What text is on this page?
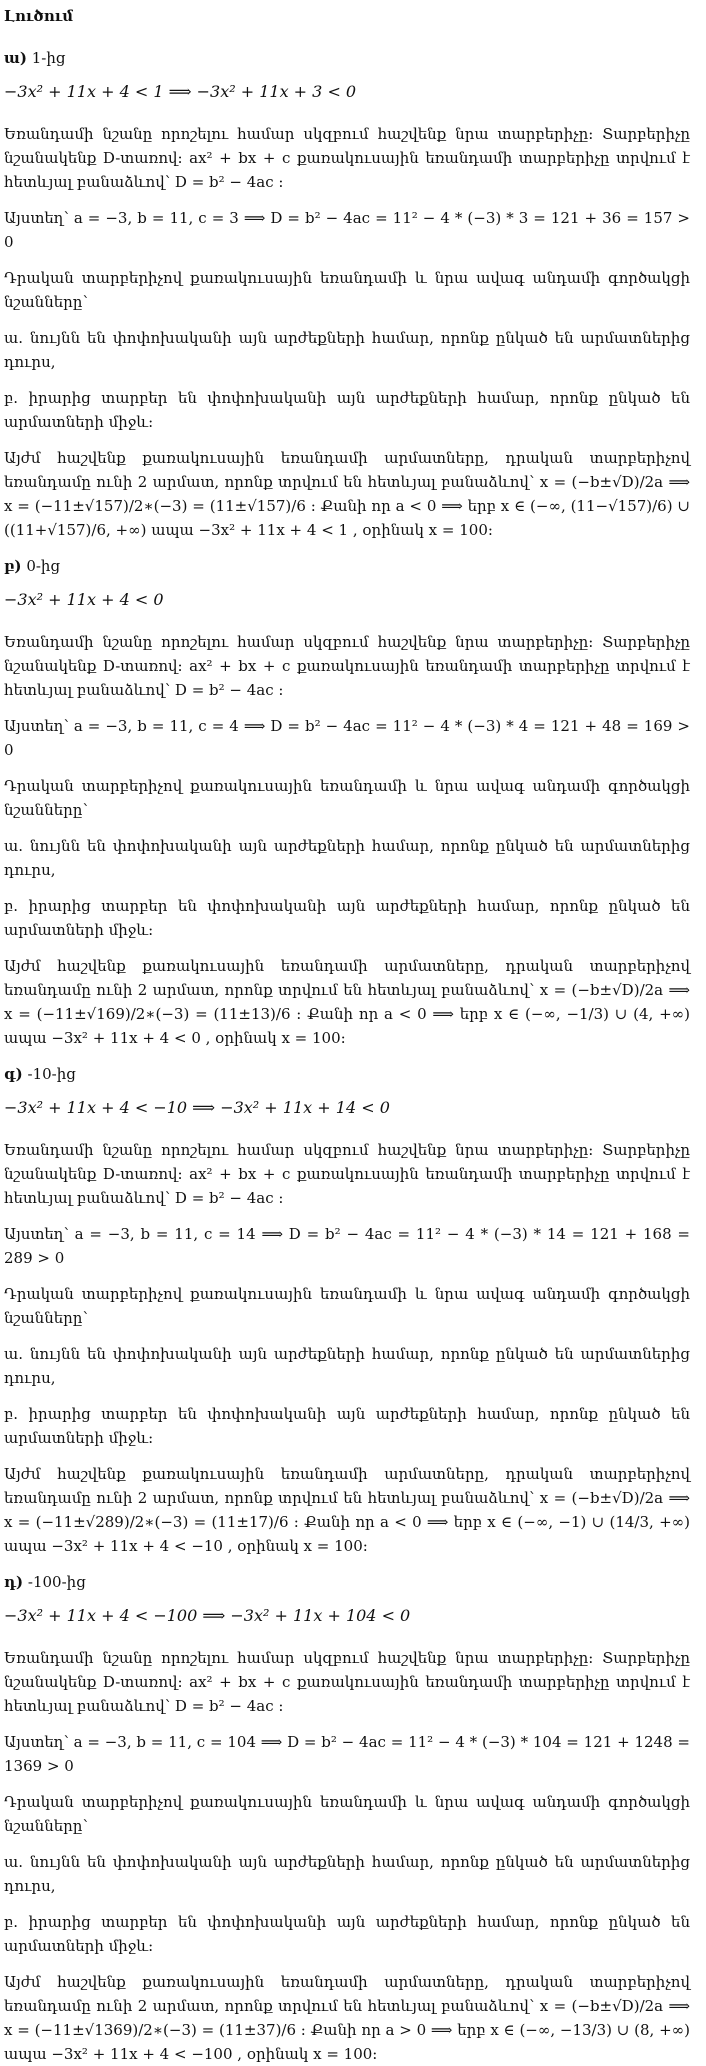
Լուծում
ա) 1-ից
−3x² + 11x + 4 < 1 ⟹ −3x² + 11x + 3 < 0
Եռանդամի նշանը որոշելու համար սկզբում հաշվենք նրա տարբերիչը: Տարբերիչը նշանակենք D-տառով: ax² + bx + c քառակուսային եռանդամի տարբերիչը տրվում է հետևյալ բանաձևով՝ D = b² − 4ac :
Այստեղ՝ a = −3, b = 11, c = 3 ⟹ D = b² − 4ac = 11² − 4 * (−3) * 3 = 121 + 36 = 157 > 0
Դրական տարբերիչով քառակուսային եռանդամի և նրա ավագ անդամի գործակցի նշանները՝
ա. նույնն են փոփոխականի այն արժեքների համար, որոնք ընկած են արմատներից դուրս,
բ. իրարից տարբեր են փոփոխականի այն արժեքների համար, որոնք ընկած են արմատների միջև:
Այժմ հաշվենք քառակուսային եռանդամի արմատները, դրական տարբերիչով եռանդամը ունի 2 արմատ, որոնք տրվում են հետևյալ բանաձևով՝ x = (−b±√D)/2a ⟹ x = (−11±√157)/2∗(−3) = (11±√157)/6 : Քանի որ a < 0 ⟹ երբ x ∈ (−∞, (11−√157)/6) ∪ ((11+√157)/6, +∞) ապա −3x² + 11x + 4 < 1 , օրինակ x = 100:
բ) 0-ից
−3x² + 11x + 4 < 0
Եռանդամի նշանը որոշելու համար սկզբում հաշվենք նրա տարբերիչը: Տարբերիչը նշանակենք D-տառով: ax² + bx + c քառակուսային եռանդամի տարբերիչը տրվում է հետևյալ բանաձևով՝ D = b² − 4ac :
Այստեղ՝ a = −3, b = 11, c = 4 ⟹ D = b² − 4ac = 11² − 4 * (−3) * 4 = 121 + 48 = 169 > 0
Դրական տարբերիչով քառակուսային եռանդամի և նրա ավագ անդամի գործակցի նշանները՝
ա. նույնն են փոփոխականի այն արժեքների համար, որոնք ընկած են արմատներից դուրս,
բ. իրարից տարբեր են փոփոխականի այն արժեքների համար, որոնք ընկած են արմատների միջև:
Այժմ հաշվենք քառակուսային եռանդամի արմատները, դրական տարբերիչով եռանդամը ունի 2 արմատ, որոնք տրվում են հետևյալ բանաձևով՝ x = (−b±√D)/2a ⟹ x = (−11±√169)/2∗(−3) = (11±13)/6 : Քանի որ a < 0 ⟹ երբ x ∈ (−∞, −1/3) ∪ (4, +∞) ապա −3x² + 11x + 4 < 0 , օրինակ x = 100:
գ) -10-ից
−3x² + 11x + 4 < −10 ⟹ −3x² + 11x + 14 < 0
Եռանդամի նշանը որոշելու համար սկզբում հաշվենք նրա տարբերիչը: Տարբերիչը նշանակենք D-տառով: ax² + bx + c քառակուսային եռանդամի տարբերիչը տրվում է հետևյալ բանաձևով՝ D = b² − 4ac :
Այստեղ՝ a = −3, b = 11, c = 14 ⟹ D = b² − 4ac = 11² − 4 * (−3) * 14 = 121 + 168 = 289 > 0
Դրական տարբերիչով քառակուսային եռանդամի և նրա ավագ անդամի գործակցի նշանները՝
ա. նույնն են փոփոխականի այն արժեքների համար, որոնք ընկած են արմատներից դուրս,
բ. իրարից տարբեր են փոփոխականի այն արժեքների համար, որոնք ընկած են արմատների միջև:
Այժմ հաշվենք քառակուսային եռանդամի արմատները, դրական տարբերիչով եռանդամը ունի 2 արմատ, որոնք տրվում են հետևյալ բանաձևով՝ x = (−b±√D)/2a ⟹ x = (−11±√289)/2∗(−3) = (11±17)/6 : Քանի որ a < 0 ⟹ երբ x ∈ (−∞, −1) ∪ (14/3, +∞) ապա −3x² + 11x + 4 < −10 , օրինակ x = 100:
դ) -100-ից
−3x² + 11x + 4 < −100 ⟹ −3x² + 11x + 104 < 0
Եռանդամի նշանը որոշելու համար սկզբում հաշվենք նրա տարբերիչը: Տարբերիչը նշանակենք D-տառով: ax² + bx + c քառակուսային եռանդամի տարբերիչը տրվում է հետևյալ բանաձևով՝ D = b² − 4ac :
Այստեղ՝ a = −3, b = 11, c = 104 ⟹ D = b² − 4ac = 11² − 4 * (−3) * 104 = 121 + 1248 = 1369 > 0
Դրական տարբերիչով քառակուսային եռանդամի և նրա ավագ անդամի գործակցի նշանները՝
ա. նույնն են փոփոխականի այն արժեքների համար, որոնք ընկած են արմատներից դուրս,
բ. իրարից տարբեր են փոփոխականի այն արժեքների համար, որոնք ընկած են արմատների միջև:
Այժմ հաշվենք քառակուսային եռանդամի արմատները, դրական տարբերիչով եռանդամը ունի 2 արմատ, որոնք տրվում են հետևյալ բանաձևով՝ x = (−b±√D)/2a ⟹ x = (−11±√1369)/2∗(−3) = (11±37)/6 : Քանի որ a > 0 ⟹ երբ x ∈ (−∞, −13/3) ∪ (8, +∞) ապա −3x² + 11x + 4 < −100 , օրինակ x = 100:
